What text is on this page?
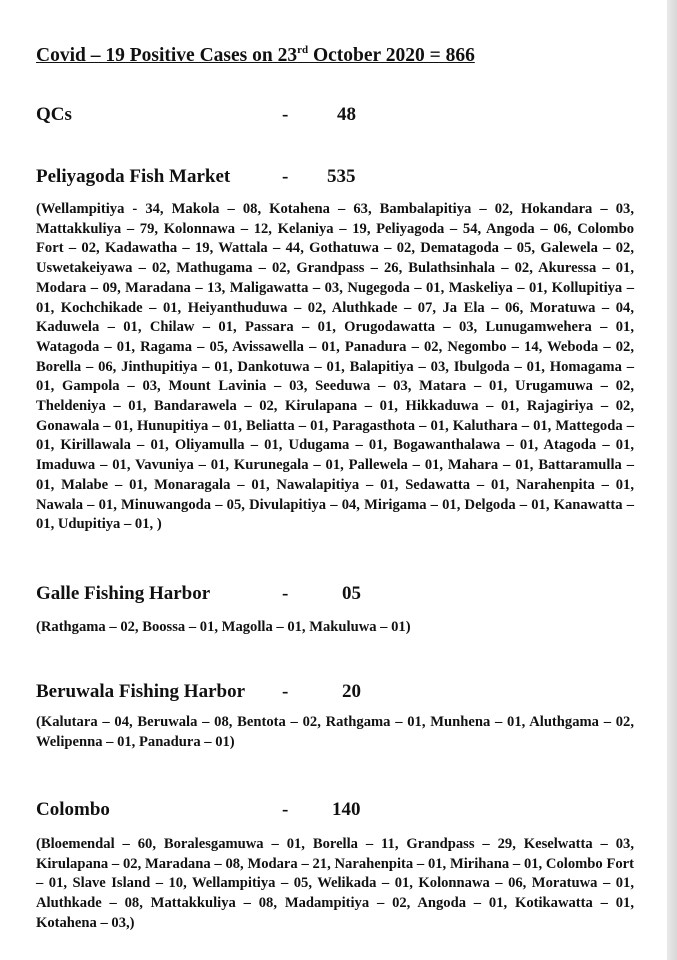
Covid – 19 Positive Cases on 23rd October 2020 = 866
QCs	-	48
Peliyagoda Fish Market	- 535

(Wellampitiya - 34, Makola – 08, Kotahena – 63, Bambalapitiya – 02, Hokandara – 03, Mattakkuliya – 79, Kolonnawa – 12, Kelaniya – 19, Peliyagoda – 54, Angoda – 06, Colombo Fort – 02, Kadawatha – 19, Wattala – 44, Gothatuwa – 02, Dematagoda – 05, Galewela – 02, Uswetakeiyawa – 02, Mathugama – 02, Grandpass – 26, Bulathsinhala – 02, Akuressa – 01, Modara – 09, Maradana – 13, Maligawatta – 03, Nugegoda – 01, Maskeliya – 01, Kollupitiya – 01, Kochchikade – 01, Heiyanthuduwa – 02, Aluthkade – 07, Ja Ela – 06, Moratuwa – 04, Kaduwela – 01, Chilaw – 01, Passara – 01, Orugodawatta – 03, Lunugamwehera – 01, Watagoda – 01, Ragama – 05, Avissawella – 01, Panadura – 02, Negombo – 14, Weboda – 02, Borella – 06, Jinthupitiya – 01, Dankotuwa – 01, Balapitiya – 03, Ibulgoda – 01, Homagama – 01, Gampola – 03, Mount Lavinia – 03, Seeduwa – 03, Matara – 01, Urugamuwa – 02, Theldeniya – 01, Bandarawela – 02, Kirulapana – 01, Hikkaduwa – 01, Rajagiriya – 02, Gonawala – 01, Hunupitiya – 01, Beliatta – 01, Paragasthota – 01, Kaluthara – 01, Mattegoda – 01, Kirillawala – 01, Oliyamulla – 01, Udugama – 01, Bogawanthalawa – 01, Atagoda – 01, Imaduwa – 01, Vavuniya – 01, Kurunegala – 01, Pallewela – 01, Mahara – 01, Battaramulla – 01, Malabe – 01, Monaragala – 01, Nawalapitiya – 01, Sedawatta – 01, Narahenpita – 01, Nawala – 01, Minuwangoda – 05, Divulapitiya – 04, Mirigama – 01, Delgoda – 01, Kanawatta – 01, Udupitiya – 01, )

Galle Fishing Harbor	-	05

(Rathgama – 02, Boossa – 01, Magolla – 01, Makuluwa – 01)

Beruwala Fishing Harbor -	20

(Kalutara – 04, Beruwala – 08, Bentota – 02, Rathgama – 01, Munhena – 01, Aluthgama – 02, Welipenna – 01, Panadura – 01)

Colombo	- 140

(Bloemendal – 60, Boralesgamuwa – 01, Borella – 11, Grandpass – 29, Keselwatta – 03, Kirulapana – 02, Maradana – 08, Modara – 21, Narahenpita – 01, Mirihana – 01, Colombo Fort – 01, Slave Island – 10, Wellampitiya – 05, Welikada – 01, Kolonnawa – 06, Moratuwa – 01, Aluthkade – 08, Mattakkuliya – 08, Madampitiya – 02, Angoda – 01, Kotikawatta – 01, Kotahena – 03,)
